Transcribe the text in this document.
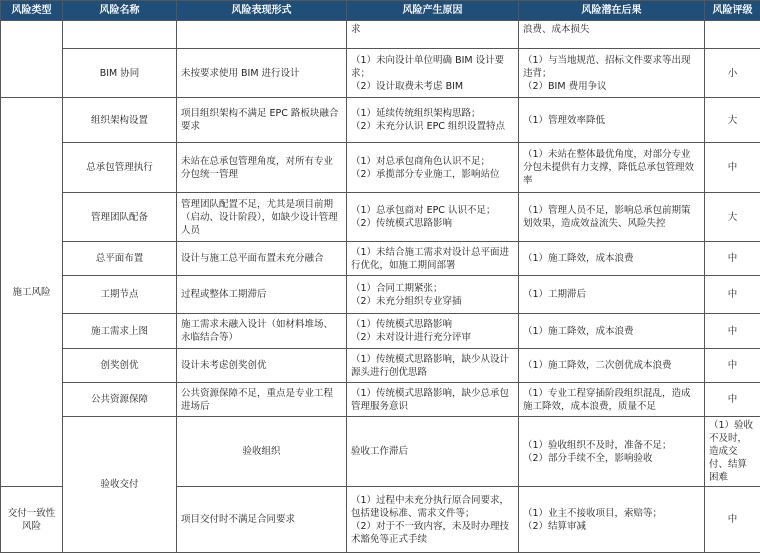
风险类型	风险名称	风险表现形式	风险产生原因	风险潜在后果	风险评级	

			求	浪费、成本损失		

	BIM 协同	未按要求使用 BIM 进行设计	（1）未向设计单位明确 BIM 设计要求；
（2）设计取费未考虑 BIM	（1）与当地规范、招标文件要求等出现违背；
（2）BIM 费用争议	小	
施工风险	组织架构设置	项目组织架构不满足 EPC 路板块融合要求	（1）延续传统组织架构思路；
（2）未充分认识 EPC 组织设置特点	（1）管理效率降低	大	
	总承包管理执行	未站在总承包管理角度，对所有专业分包统一管理	（1）对总承包商角色认识不足；
（2）承揽部分专业施工，影响站位	（1）未站在整体最优角度，对部分专业分包未提供有力支撑，降低总承包管理效率	中	
	管理团队配备	管理团队配置不足，尤其是项目前期（启动、设计阶段），如缺少设计管理人员	（1）总承包商对 EPC 认识不足；
（2）传统模式思路影响	（1）管理人员不足，影响总承包前期策划效果，造成效益流失、风险失控	大	
	总平面布置	设计与施工总平面布置未充分融合	（1）未结合施工需求对设计总平面进行优化，如施工期间部署	（1）施工降效，成本浪费	中	
	工期节点	过程或整体工期滞后	（1）合同工期紧张；
（2）未充分组织专业穿插	（1）工期滞后	中	
	施工需求上图	施工需求未融入设计（如材料堆场、永临结合等）	（1）传统模式思路影响
（2）未对设计进行充分评审	（1）施工降效，成本浪费	中	
	创奖创优	设计未考虑创奖创优	（1）传统模式思路影响，缺少从设计源头进行创优思路	（1）施工降效，二次创优成本浪费	中	
	公共资源保障	公共资源保障不足，重点是专业工程进场后	（1）传统模式思路影响，缺少总承包管理服务意识	（1）专业工程穿插阶段组织混乱，造成施工降效，成本浪费，质量不足	中	
	验收交付	验收组织	验收工作滞后	（1）验收组织不及时，准备不足；
（2）部分手续不全，影响验收	（1）验收不及时，造成交付、结算困难

交付一致性风险		项目交付时不满足合同要求	（1）过程中未充分执行原合同要求，包括建设标准、需求文件等；
（2）对于不一致内容，未及时办理技术豁免等正式手续	（1）业主不接收项目，索赔等；
（2）结算审减	中	
